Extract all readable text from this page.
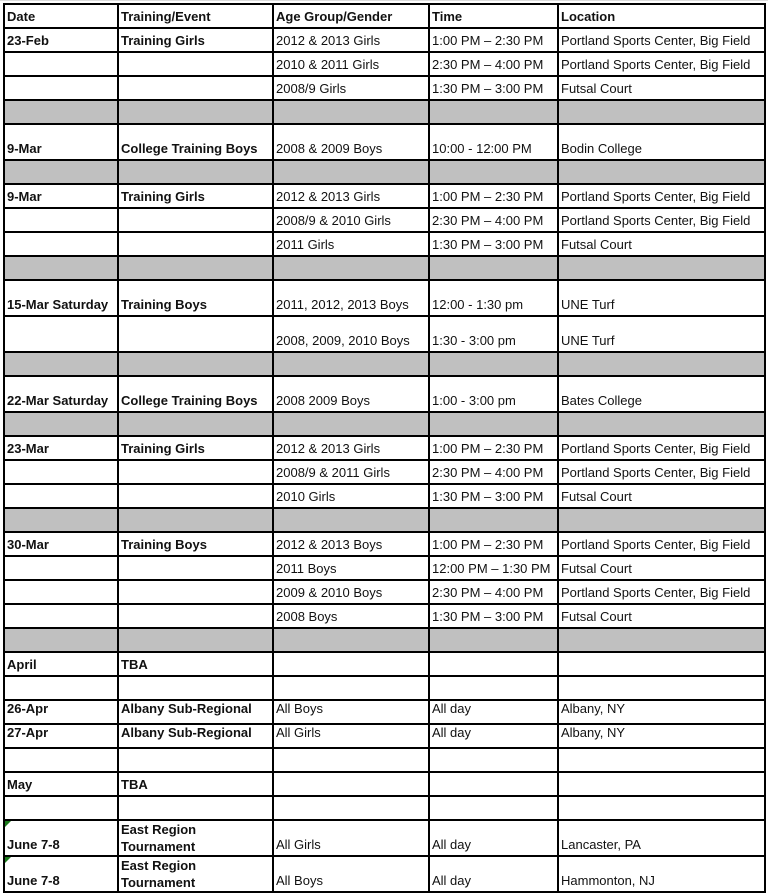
Date	Training/Event	Age Group/Gender	Time	Location
23-Feb	Training Girls	2012 & 2013 Girls	1:00 PM – 2:30 PM	Portland Sports Center, Big Field
		2010 & 2011 Girls	2:30 PM – 4:00 PM	Portland Sports Center, Big Field
		2008/9 Girls	1:30 PM – 3:00 PM	Futsal Court

9-Mar	College Training Boys	2008 & 2009 Boys	10:00 - 12:00 PM	Bodin College

9-Mar	Training Girls	2012 & 2013 Girls	1:00 PM – 2:30 PM	Portland Sports Center, Big Field
		2008/9 & 2010 Girls	2:30 PM – 4:00 PM	Portland Sports Center, Big Field
		2011 Girls	1:30 PM – 3:00 PM	Futsal Court

15-Mar Saturday	Training Boys	2011, 2012, 2013 Boys	12:00 - 1:30 pm	UNE Turf
		2008, 2009, 2010 Boys	1:30 - 3:00 pm	UNE Turf

22-Mar Saturday	College Training Boys	2008 2009 Boys	1:00 - 3:00 pm	Bates College

23-Mar	Training Girls	2012 & 2013 Girls	1:00 PM – 2:30 PM	Portland Sports Center, Big Field
		2008/9 & 2011 Girls	2:30 PM – 4:00 PM	Portland Sports Center, Big Field
		2010 Girls	1:30 PM – 3:00 PM	Futsal Court

30-Mar	Training Boys	2012 & 2013 Boys	1:00 PM – 2:30 PM	Portland Sports Center, Big Field
		2011 Boys	12:00 PM – 1:30 PM	Futsal Court
		2009 & 2010 Boys	2:30 PM – 4:00 PM	Portland Sports Center, Big Field
		2008 Boys	1:30 PM – 3:00 PM	Futsal Court

April	TBA			

26-Apr	Albany Sub-Regional	All Boys	All day	Albany, NY
27-Apr	Albany Sub-Regional	All Girls	All day	Albany, NY

May	TBA			

June 7-8	East Region Tournament	All Girls	All day	Lancaster, PA

June 7-8	East Region Tournament	All Boys	All day	Hammonton, NJ
